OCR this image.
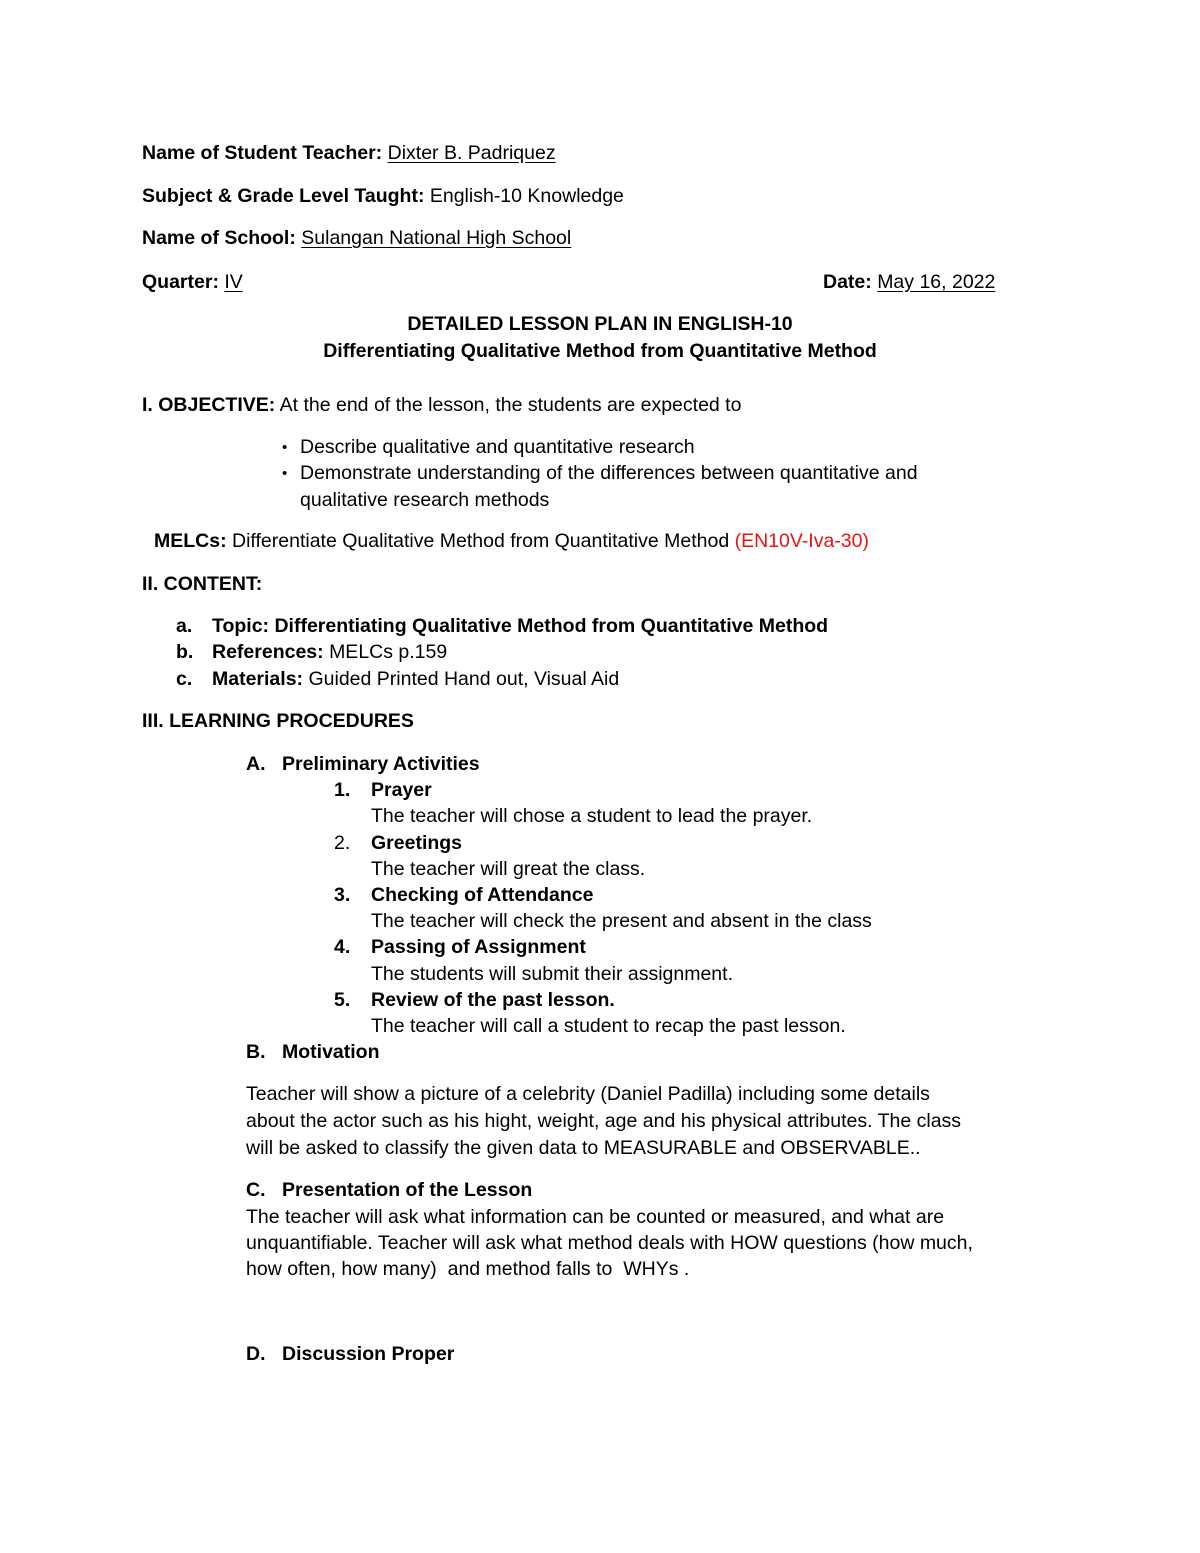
Name of Student Teacher: Dixter B. Padriquez
Subject & Grade Level Taught: English-10 Knowledge
Name of School: Sulangan National High School
Quarter: IV	Date: May 16, 2022
DETAILED LESSON PLAN IN ENGLISH-10
Differentiating Qualitative Method from Quantitative Method
I. OBJECTIVE: At the end of the lesson, the students are expected to
• Describe qualitative and quantitative research
• Demonstrate understanding of the differences between quantitative and
qualitative research methods
MELCs: Differentiate Qualitative Method from Quantitative Method (EN10V-Iva-30)
II. CONTENT:
a. Topic: Differentiating Qualitative Method from Quantitative Method
b. References: MELCs p.159
c. Materials: Guided Printed Hand out, Visual Aid
III. LEARNING PROCEDURES
A. Preliminary Activities
1. Prayer
The teacher will chose a student to lead the prayer.
2. Greetings
The teacher will great the class.
3. Checking of Attendance
The teacher will check the present and absent in the class
4. Passing of Assignment
The students will submit their assignment.
5. Review of the past lesson.
The teacher will call a student to recap the past lesson.
B. Motivation
Teacher will show a picture of a celebrity (Daniel Padilla) including some details
about the actor such as his hight, weight, age and his physical attributes. The class
will be asked to classify the given data to MEASURABLE and OBSERVABLE..
C. Presentation of the Lesson
The teacher will ask what information can be counted or measured, and what are
unquantifiable. Teacher will ask what method deals with HOW questions (how much,
how often, how many)  and method falls to  WHYs .
D. Discussion Proper
